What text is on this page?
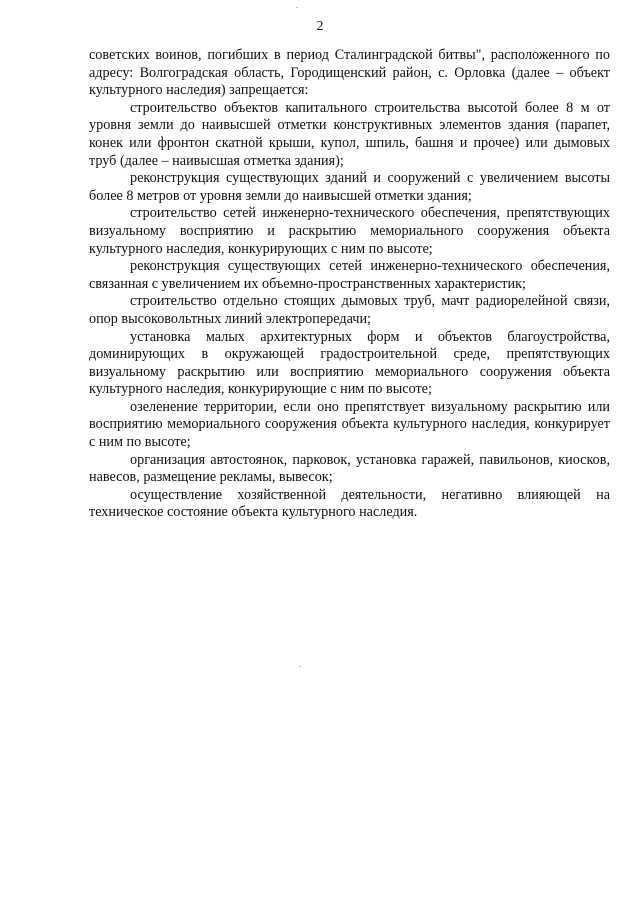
2

советских воинов, погибших в период Сталинградской битвы", расположенного по адресу: Волгоградская область, Городищенский район, с. Орловка (далее – объект культурного наследия) запрещается:

строительство объектов капитального строительства высотой более 8 м от уровня земли до наивысшей отметки конструктивных элементов здания (парапет, конек или фронтон скатной крыши, купол, шпиль, башня и прочее) или дымовых труб (далее – наивысшая отметка здания);

реконструкция существующих зданий и сооружений с увеличением высоты более 8 метров от уровня земли до наивысшей отметки здания;

строительство сетей инженерно-технического обеспечения, препятствующих визуальному восприятию и раскрытию мемориального сооружения объекта культурного наследия, конкурирующих с ним по высоте;

реконструкция существующих сетей инженерно-технического обеспечения, связанная с увеличением их объемно-пространственных характеристик;

строительство отдельно стоящих дымовых труб, мачт радиорелейной связи, опор высоковольтных линий электропередачи;

установка малых архитектурных форм и объектов благоустройства, доминирующих в окружающей градостроительной среде, препятствующих визуальному раскрытию или восприятию мемориального сооружения объекта культурного наследия, конкурирующие с ним по высоте;

озеленение территории, если оно препятствует визуальному раскрытию или восприятию мемориального сооружения объекта культурного наследия, конкурирует с ним по высоте;

организация автостоянок, парковок, установка гаражей, павильонов, киосков, навесов, размещение рекламы, вывесок;

осуществление хозяйственной деятельности, негативно влияющей на техническое состояние объекта культурного наследия.
